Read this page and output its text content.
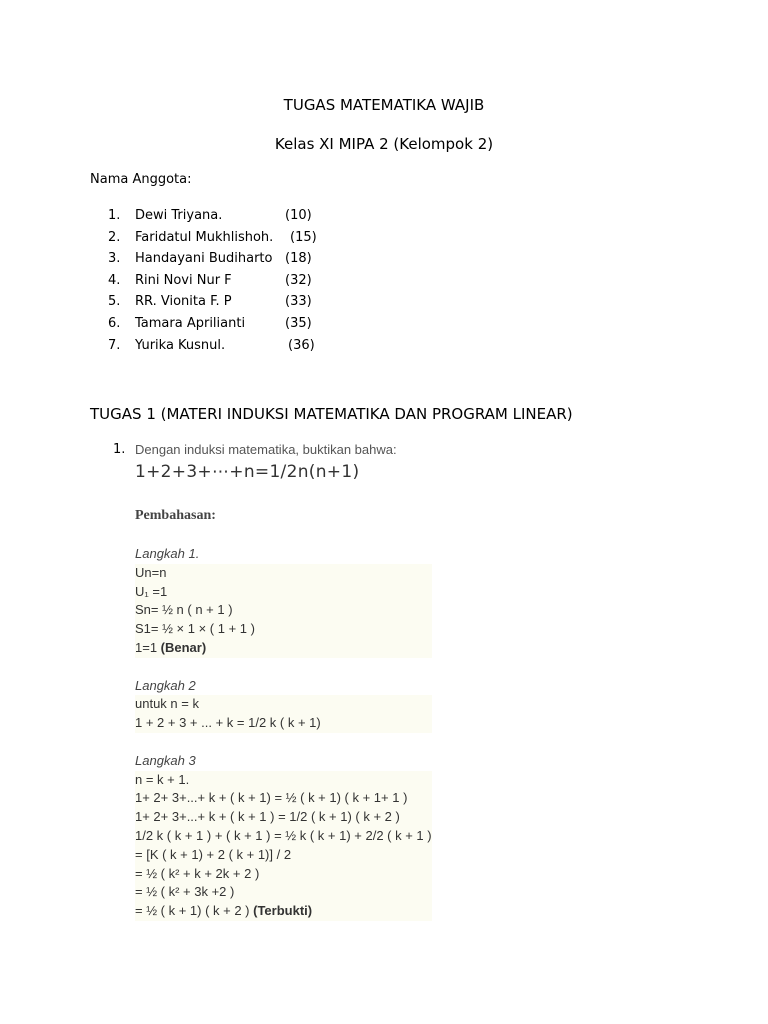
TUGAS MATEMATIKA WAJIB
Kelas XI MIPA 2 (Kelompok 2)
Nama Anggota:
1. Dewi Triyana.	(10)
2. Faridatul Mukhlishoh. (15)
3. Handayani Budiharto (18)
4. Rini Novi Nur F	(32)
5. RR. Vionita F. P	(33)
6. Tamara Aprilianti	(35)
7. Yurika Kusnul.	(36)
TUGAS 1 (MATERI INDUKSI MATEMATIKA DAN PROGRAM LINEAR)
1. Dengan induksi matematika, buktikan bahwa:
1+2+3+⋯+n=1/2n(n+1)
Pembahasan:
Langkah 1.
Un=n
U₁ =1
Sn= ½ n ( n + 1 )
S1= ½ × 1 × ( 1 + 1 )
1=1 (Benar)
Langkah 2
untuk n = k
1 + 2 + 3 + ... + k = 1/2 k ( k + 1)
Langkah 3
n = k + 1.
1+ 2+ 3+...+ k + ( k + 1) = ½ ( k + 1) ( k + 1+ 1 )
1+ 2+ 3+...+ k + ( k + 1 ) = 1/2 ( k + 1) ( k + 2 )
1/2 k ( k + 1 ) + ( k + 1 ) = ½ k ( k + 1) + 2/2 ( k + 1 )
= [K ( k + 1) + 2 ( k + 1)] / 2
= ½ ( k² + k + 2k + 2 )
= ½ ( k² + 3k +2 )
= ½ ( k + 1) ( k + 2 ) (Terbukti)
